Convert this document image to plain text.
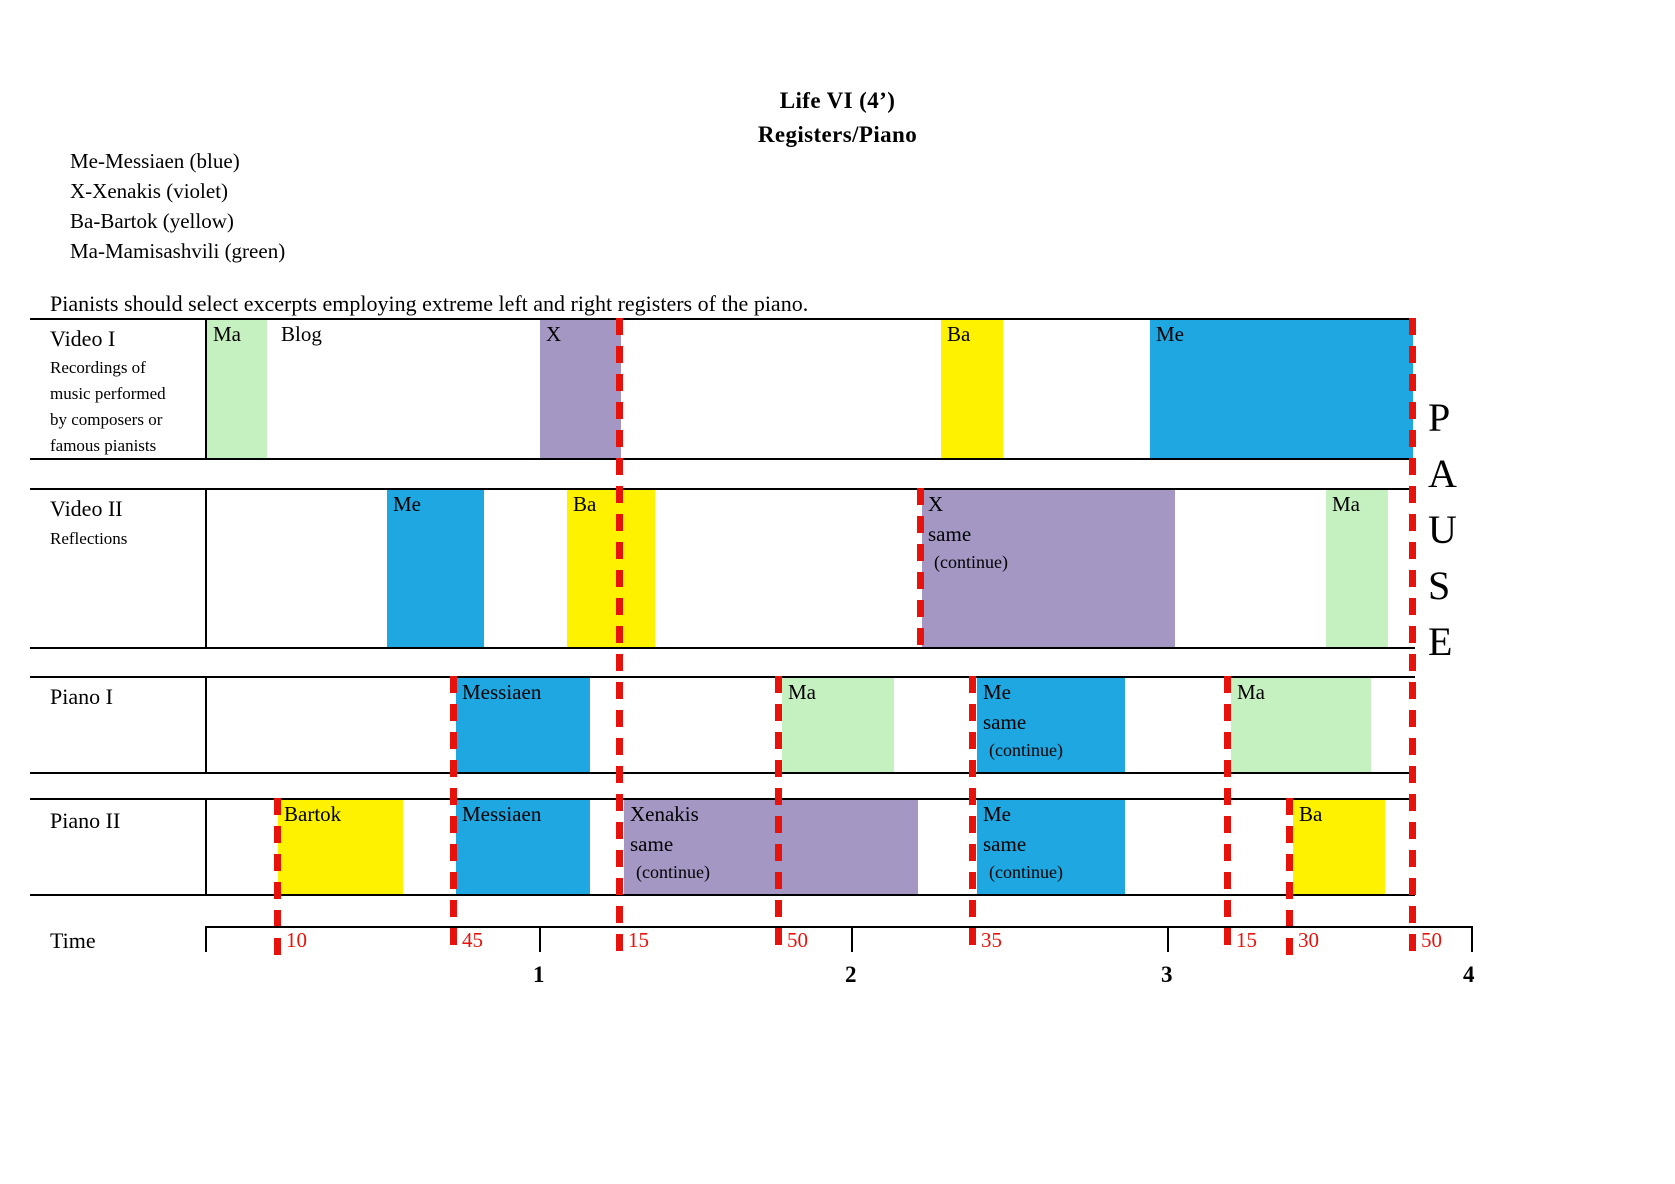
Life VI (4’)
Registers/Piano
Me-Messiaen (blue)
X-Xenakis (violet)
Ba-Bartok (yellow)
Ma-Mamisashvili (green)
Pianists should select excerpts employing extreme left and right registers of the piano.
Video I
Recordings of
music performed
by composers or
famous pianists
Ma Blog	X	Ba	Me
Video II
Reflections
Me	Ba	X
same
(continue)
Ma
Piano I	Messiaen	Ma	Me
same
(continue)
Ma
Piano II	Bartok	Messiaen	Xenakis
same
(continue)
Me
same
(continue)
Ba
P
A
U
S
E
Time	10	45	15	50	35	15 30	50
1	2	3	4
